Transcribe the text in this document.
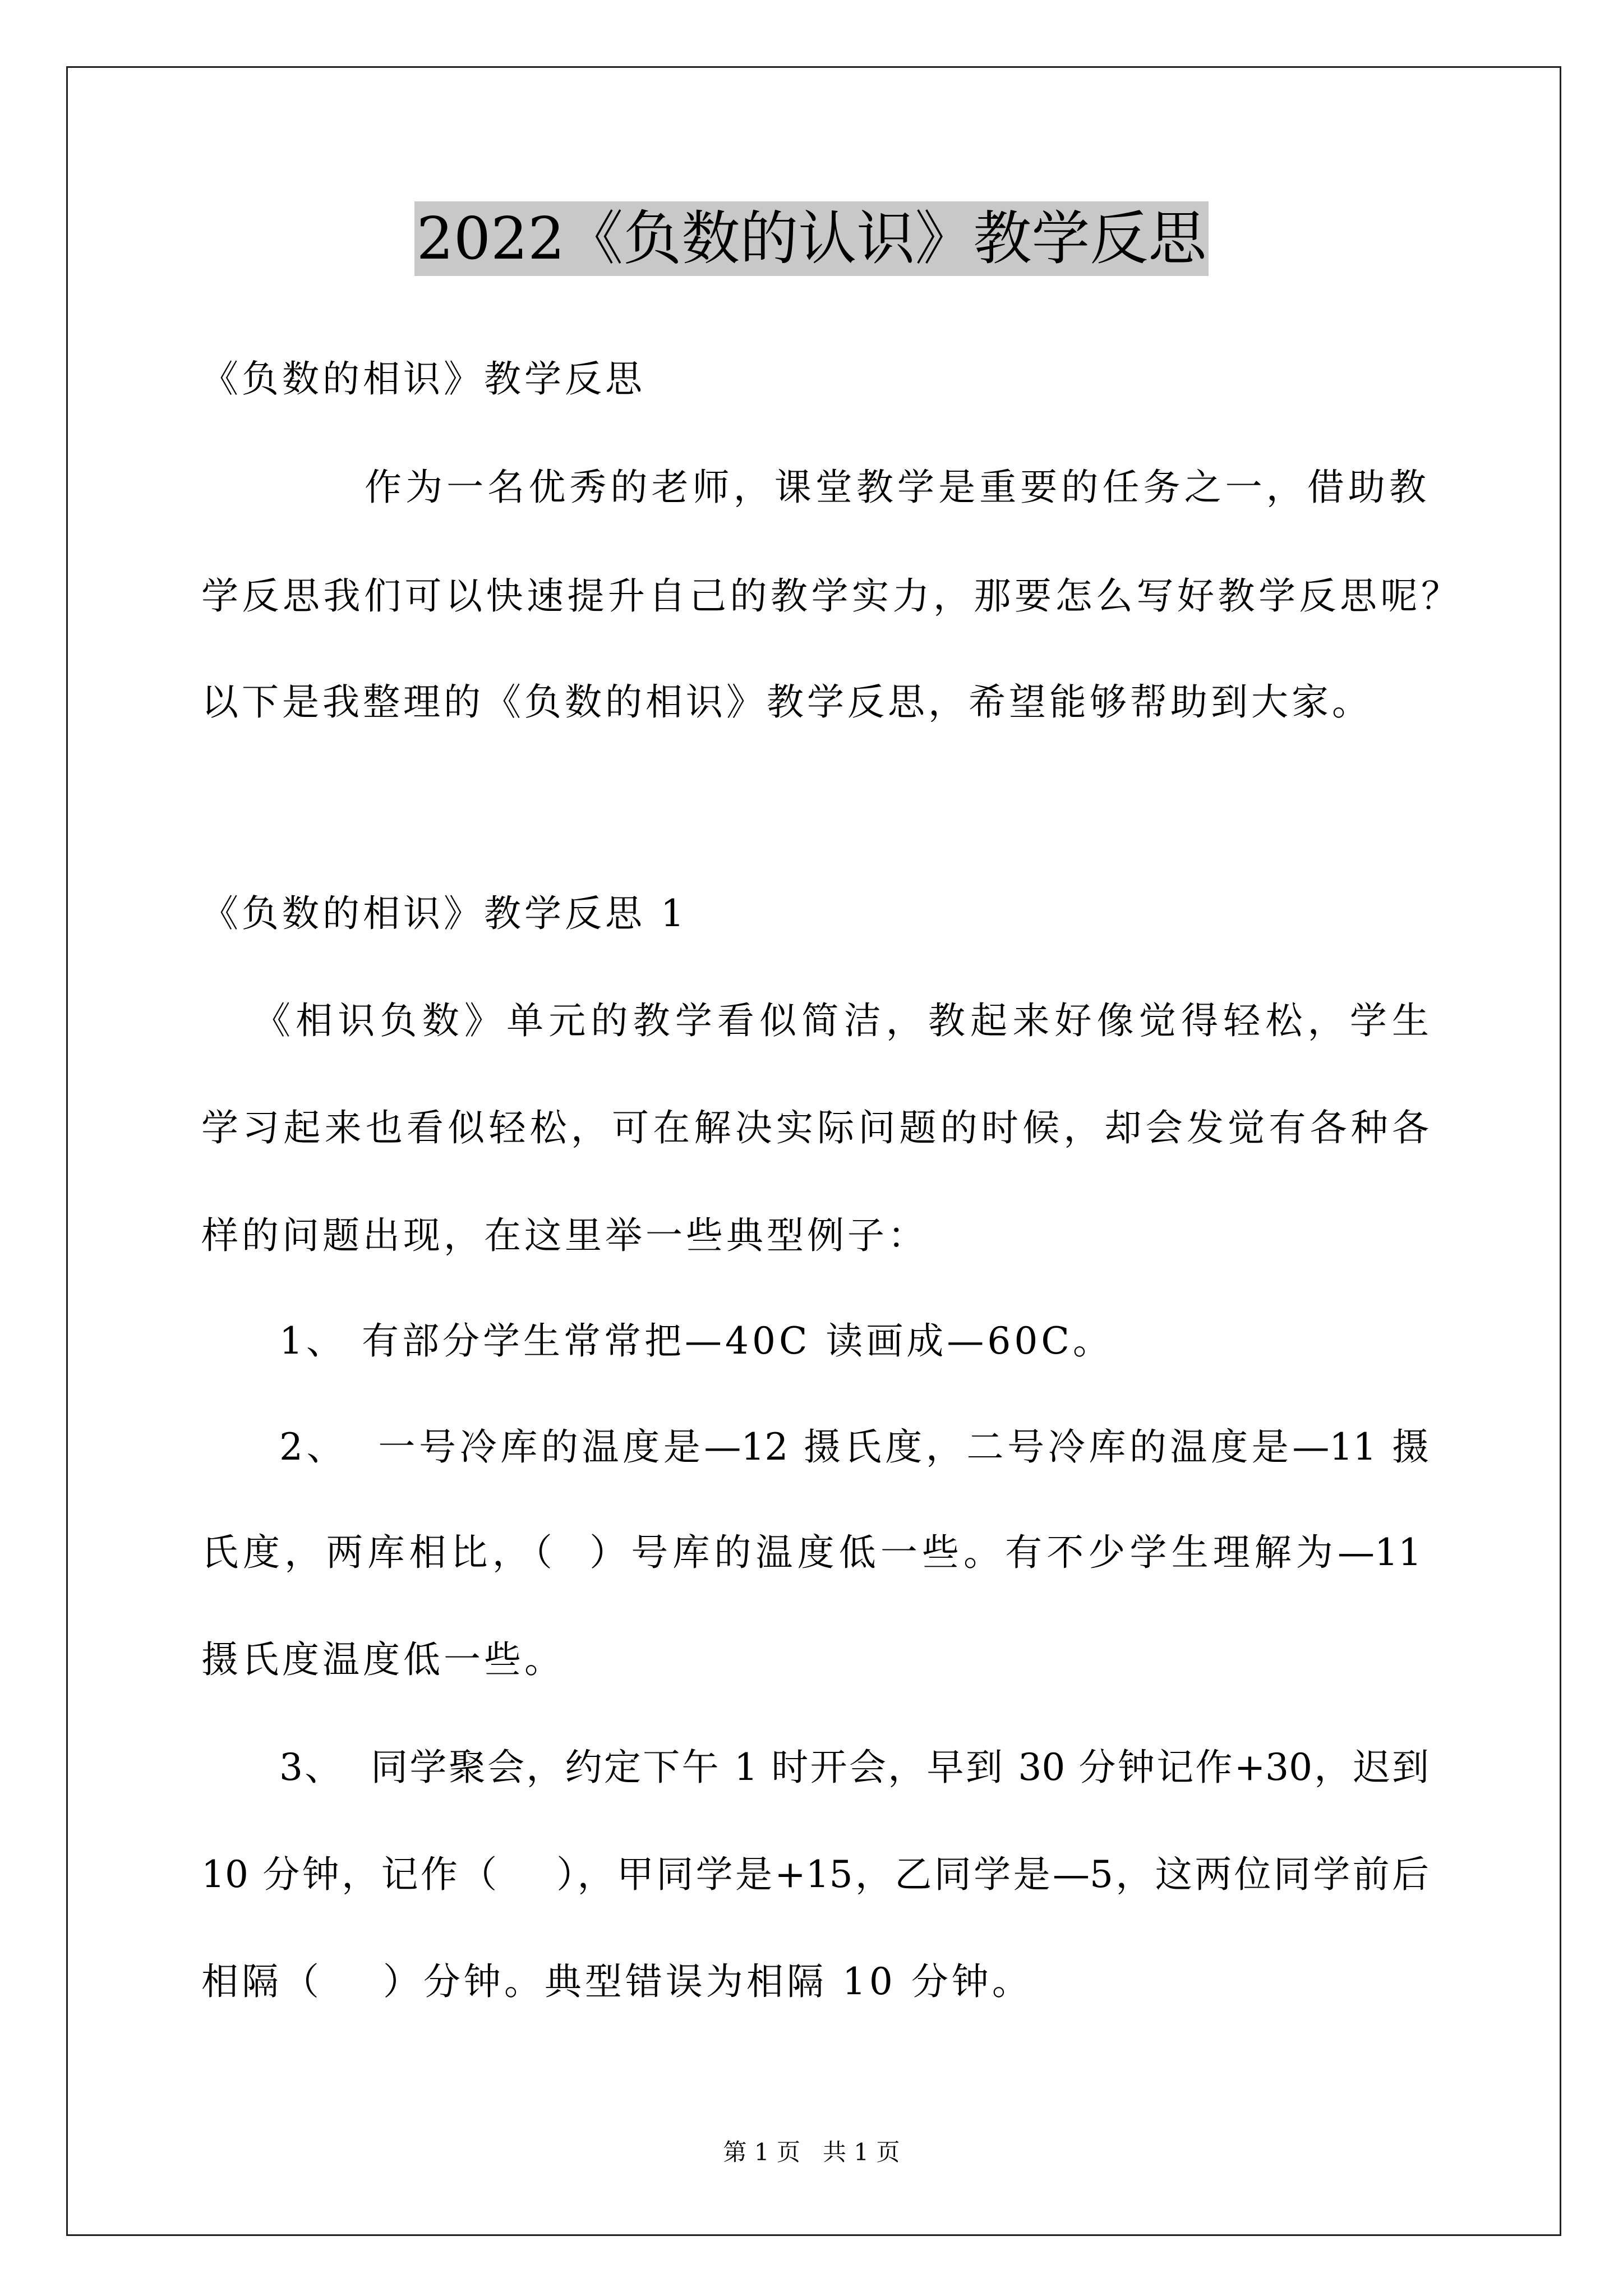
2022《负数的认识》教学反思
《负数的相识》教学反思
作为一名优秀的老师，课堂教学是重要的任务之一，借助教
学反思我们可以快速提升自己的教学实力，那要怎么写好教学反思呢？
以下是我整理的《负数的相识》教学反思，希望能够帮助到大家。
《负数的相识》教学反思 1
《相识负数》单元的教学看似简洁，教起来好像觉得轻松，学生
学习起来也看似轻松，可在解决实际问题的时候，却会发觉有各种各
样的问题出现，在这里举一些典型例子：
1、 有部分学生常常把—40C 读画成—60C。
2、  一号冷库的温度是—12 摄氏度，二号冷库的温度是—11 摄
氏度，两库相比，（  ）号库的温度低一些。有不少学生理解为—11
摄氏度温度低一些。
3、  同学聚会，约定下午 1 时开会，早到 30 分钟记作+30，迟到
10 分钟，记作（    ），甲同学是+15，乙同学是—5，这两位同学前后
相隔（    ）分钟。典型错误为相隔 10 分钟。
第 1 页   共 1 页
